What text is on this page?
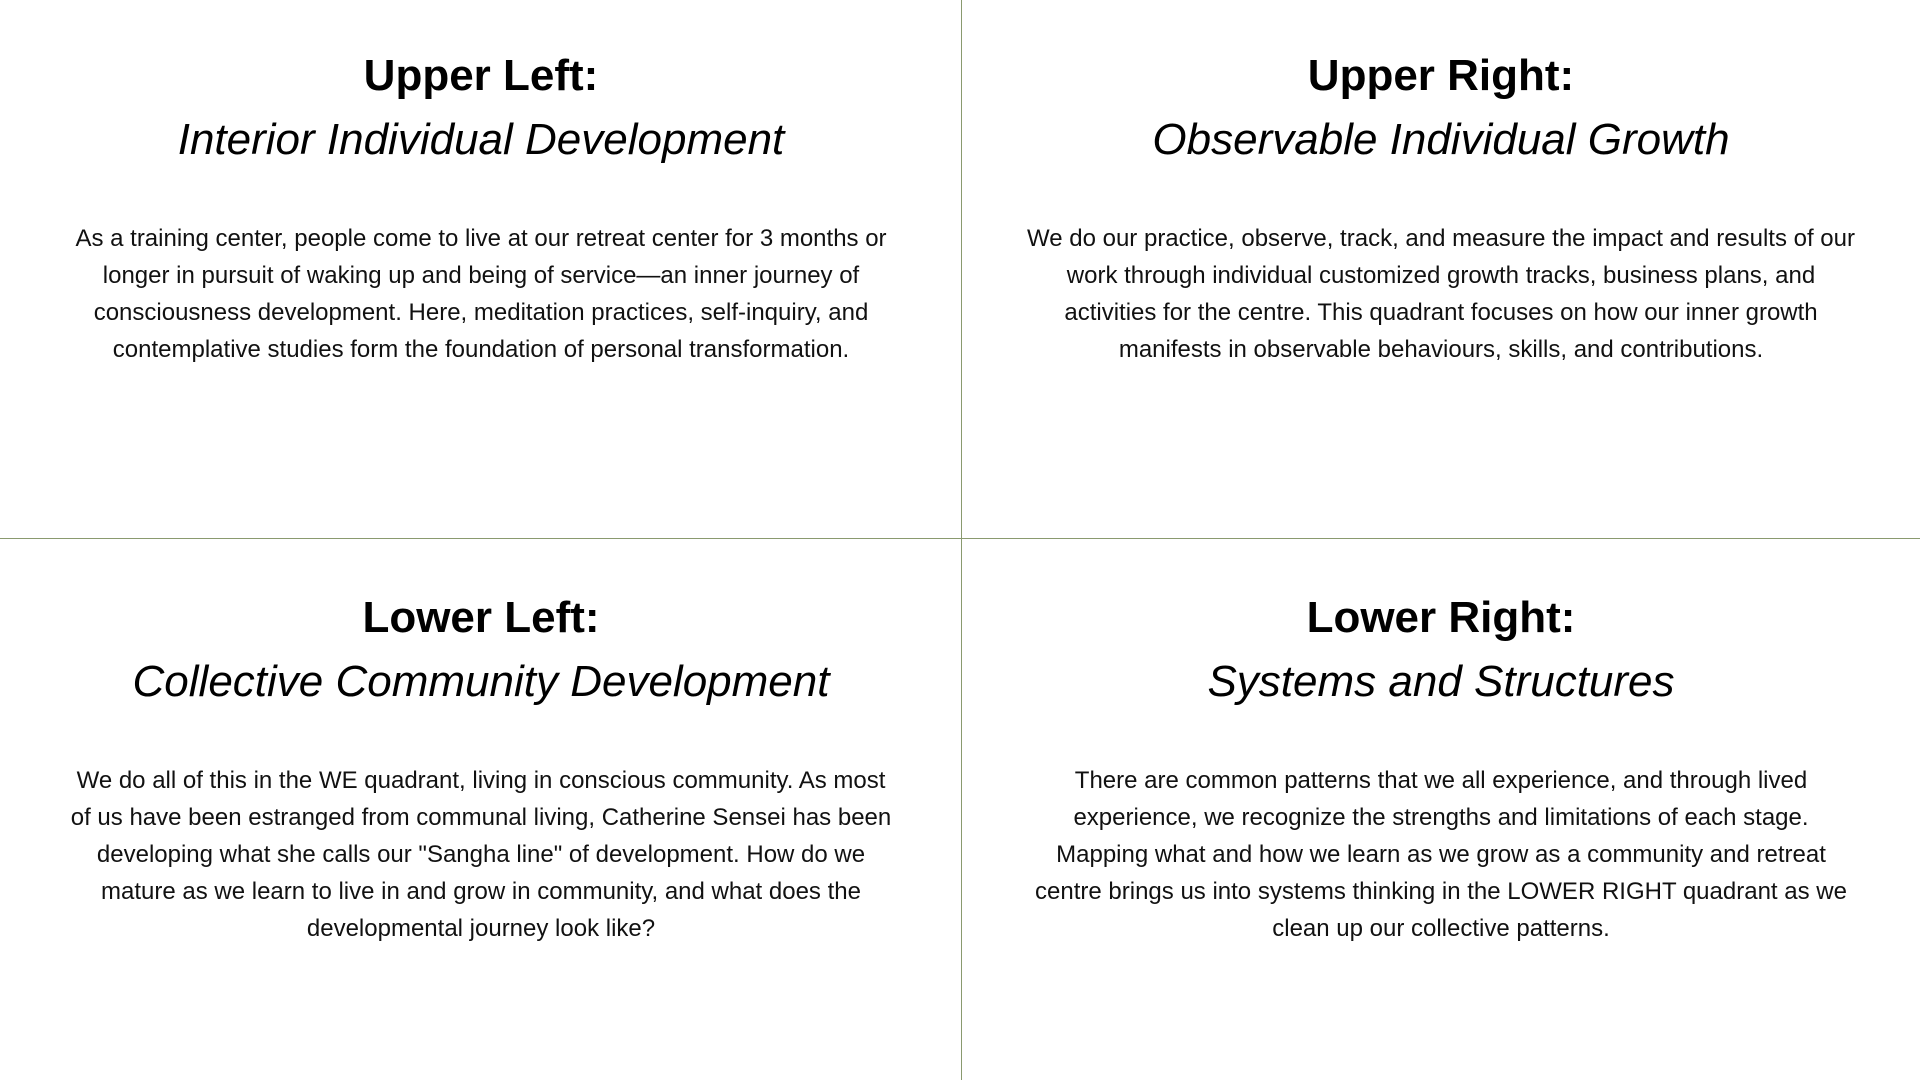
Upper Left:
Interior Individual Development

As a training center, people come to live at our retreat center for 3 months or longer in pursuit of waking up and being of service—an inner journey of consciousness development. Here, meditation practices, self-inquiry, and contemplative studies form the foundation of personal transformation.

Upper Right:
Observable Individual Growth

We do our practice, observe, track, and measure the impact and results of our work through individual customized growth tracks, business plans, and activities for the centre. This quadrant focuses on how our inner growth manifests in observable behaviours, skills, and contributions.

Lower Left:
Collective Community Development

We do all of this in the WE quadrant, living in conscious community. As most of us have been estranged from communal living, Catherine Sensei has been developing what she calls our "Sangha line" of development. How do we mature as we learn to live in and grow in community, and what does the developmental journey look like?

Lower Right:
Systems and Structures

There are common patterns that we all experience, and through lived experience, we recognize the strengths and limitations of each stage. Mapping what and how we learn as we grow as a community and retreat centre brings us into systems thinking in the LOWER RIGHT quadrant as we clean up our collective patterns.
